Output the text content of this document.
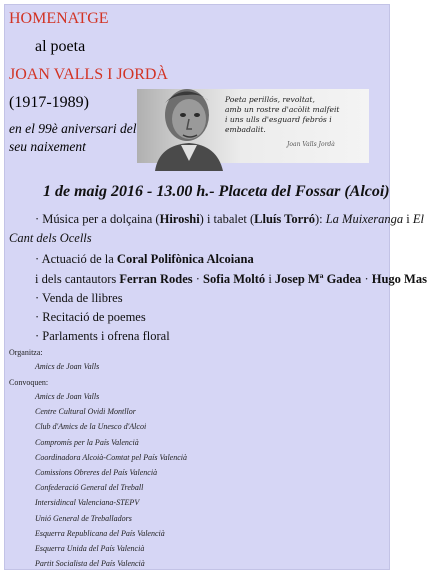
HOMENATGE
al poeta
JOAN VALLS I JORDÀ
(1917-1989)
en el 99è aniversari del
seu naixement
Poeta perillós, revoltat,
amb un rostre d'acòlit malfeit
i uns ulls d'esguard febrós i embadalit.
Joan Valls Jordà
1 de maig 2016 - 13.00 h.- Placeta del Fossar (Alcoi)
· Música per a dolçaina (Hiroshi) i tabalet (Lluís Torró): La Muixeranga i El
Cant dels Ocells
· Actuació de la Coral Polifònica Alcoiana
i dels cantautors Ferran Rodes · Sofia Moltó i Josep Mª Gadea · Hugo Mas
· Venda de llibres
· Recitació de poemes
· Parlaments i ofrena floral
Organitza:
Amics de Joan Valls
Convoquen:
Amics de Joan Valls
Centre Cultural Ovidi Montllor
Club d'Amics de la Unesco d'Alcoi
Compromís per la País Valencià
Coordinadora Alcoià-Comtat pel País Valencià
Comissions Obreres del País Valencià
Confederació General del Treball
Intersidincal Valenciana-STEPV
Unió General de Treballadors
Esquerra Republicana del País Valencià
Esquerra Unida del País Valencià
Partit Socialista del País Valencià
